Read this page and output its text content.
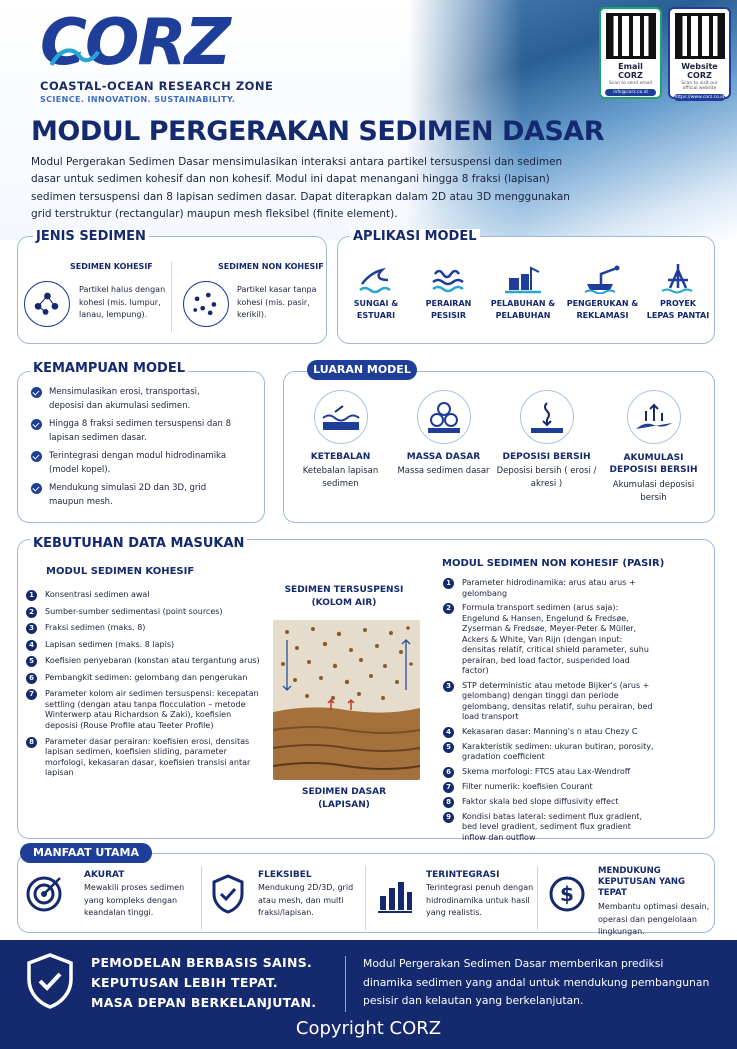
CORZ
COASTAL-OCEAN RESEARCH ZONE
SCIENCE. INNOVATION. SUSTAINABILITY.
Email CORZ
Scan to send email
info@corz.co.id
Website CORZ
Scan to visit our official website
https://www.corz.co.id
MODUL PERGERAKAN SEDIMEN DASAR
Modul Pergerakan Sedimen Dasar mensimulasikan interaksi antara partikel tersuspensi dan sedimen dasar untuk sedimen kohesif dan non kohesif. Modul ini dapat menangani hingga 8 fraksi (lapisan) sedimen tersuspensi dan 8 lapisan sedimen dasar. Dapat diterapkan dalam 2D atau 3D menggunakan grid terstruktur (rectangular) maupun mesh fleksibel (finite element).
JENIS SEDIMEN
SEDIMEN KOHESIF
Partikel halus dengan kohesi (mis. lumpur, lanau, lempung).
SEDIMEN NON KOHESIF
Partikel kasar tanpa kohesi (mis. pasir, kerikil).
APLIKASI MODEL
SUNGAI & ESTUARI
PERAIRAN PESISIR
PELABUHAN & PELABUHAN
PENGERUKAN & REKLAMASI
PROYEK LEPAS PANTAI
KEMAMPUAN MODEL
Mensimulasikan erosi, transportasi, deposisi dan akumulasi sedimen.
Hingga 8 fraksi sedimen tersuspensi dan 8 lapisan sedimen dasar.
Terintegrasi dengan modul hidrodinamika (model kopel).
Mendukung simulasi 2D dan 3D, grid maupun mesh.
LUARAN MODEL
KETEBALAN
Ketebalan lapisan sedimen
MASSA DASAR
Massa sedimen dasar
DEPOSISI BERSIH
Deposisi bersih ( erosi / akresi )
AKUMULASI DEPOSISI BERSIH
Akumulasi deposisi bersih
KEBUTUHAN DATA MASUKAN
MODUL SEDIMEN KOHESIF
1	Konsentrasi sedimen awal
2	Sumber-sumber sedimentasi (point sources)
3	Fraksi sedimen (maks. 8)
4	Lapisan sedimen (maks. 8 lapis)
5	Koefisien penyebaran (konstan atau tergantung arus)
6	Pembangkit sedimen: gelombang dan pengerukan
7	Parameter kolom air sedimen tersuspensi: kecepatan settling (dengan atau tanpa flocculation – metode Winterwerp atau Richardson & Zaki), koefisien deposisi (Rouse Profile atau Teeter Profile)
8	Parameter dasar perairan: koefisien erosi, densitas lapisan sedimen, koefisien sliding, parameter morfologi, kekasaran dasar, koefisien transisi antar lapisan
SEDIMEN TERSUSPENSI (KOLOM AIR)
SEDIMEN DASAR (LAPISAN)
MODUL SEDIMEN NON KOHESIF (PASIR)
1	Parameter hidrodinamika: arus atau arus + gelombang
2	Formula transport sedimen (arus saja): Engelund & Hansen, Engelund & Fredsøe, Zyserman & Fredsøe, Meyer-Peter & Müller, Ackers & White, Van Rijn (dengan input: densitas relatif, critical shield parameter, suhu perairan, bed load factor, suspended load factor)
3	STP deterministic atau metode Bijker's (arus + gelombang) dengan tinggi dan periode gelombang, densitas relatif, suhu perairan, bed load transport
4	Kekasaran dasar: Manning's n atau Chezy C
5	Karakteristik sedimen: ukuran butiran, porosity, gradation coefficient
6	Skema morfologi: FTCS atau Lax-Wendroff
7	Filter numerik: koefisien Courant
8	Faktor skala bed slope diffusivity effect
9	Kondisi batas lateral: sediment flux gradient, bed level gradient, sediment flux gradient inflow dan outflow
MANFAAT UTAMA
AKURAT
Mewakili proses sedimen yang kompleks dengan keandalan tinggi.
FLEKSIBEL
Mendukung 2D/3D, grid atau mesh, dan multi fraksi/lapisan.
TERINTEGRASI
Terintegrasi penuh dengan hidrodinamika untuk hasil yang realistis.
$
MENDUKUNG KEPUTUSAN YANG TEPAT
Membantu optimasi desain, operasi dan pengelolaan lingkungan.
PEMODELAN BERBASIS SAINS.
KEPUTUSAN LEBIH TEPAT.
MASA DEPAN BERKELANJUTAN.
Modul Pergerakan Sedimen Dasar memberikan prediksi dinamika sedimen yang andal untuk mendukung pembangunan pesisir dan kelautan yang berkelanjutan.
Copyright CORZ
